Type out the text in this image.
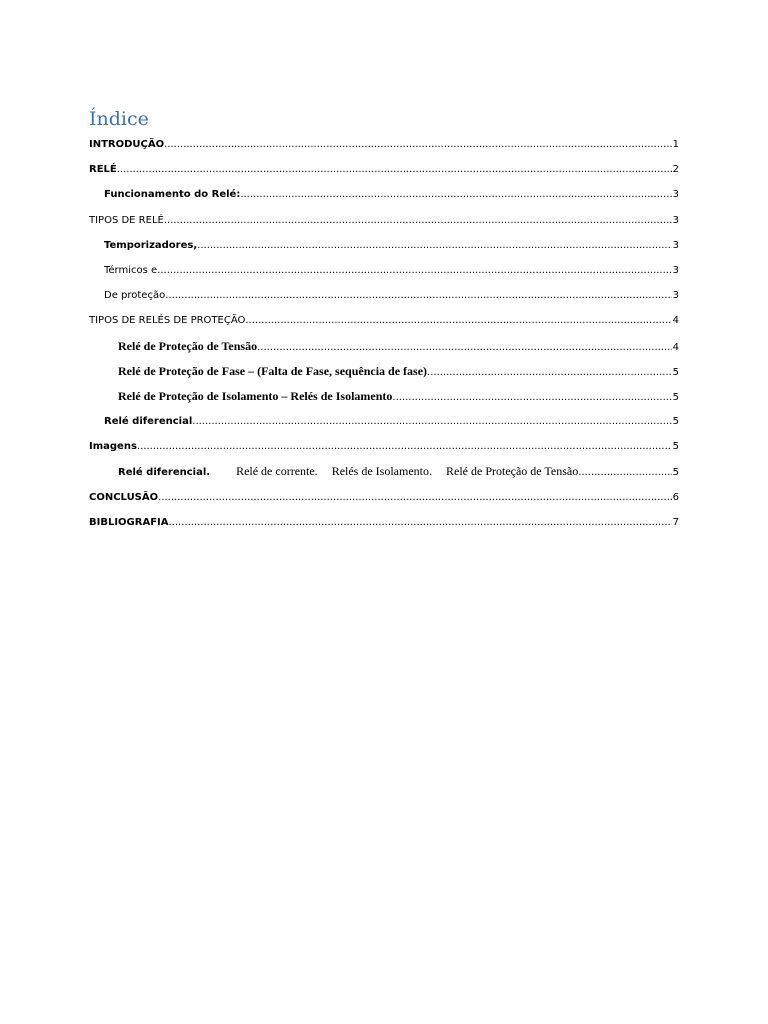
Índice
INTRODUÇÃO .....	1
RELÉ .....	2
Funcionamento do Relé: .....	3
TIPOS DE RELÉ .....	3
Temporizadores, .....	3
Térmicos e .....	3
De proteção .....	3
TIPOS DE RELÉS DE PROTEÇÃO .....	4
Relé de Proteção de Tensão .....	4
Relé de Proteção de Fase – (Falta de Fase, sequência de fase) .....	5
Relé de Proteção de Isolamento – Relés de Isolamento .....	5
Relé diferencial .....	5
Imagens .....	5
Relé diferencial. Relé de corrente. Relés de Isolamento. Relé de Proteção de Tensão .....	5
CONCLUSÃO .....	6
BIBLIOGRAFIA .....	7
